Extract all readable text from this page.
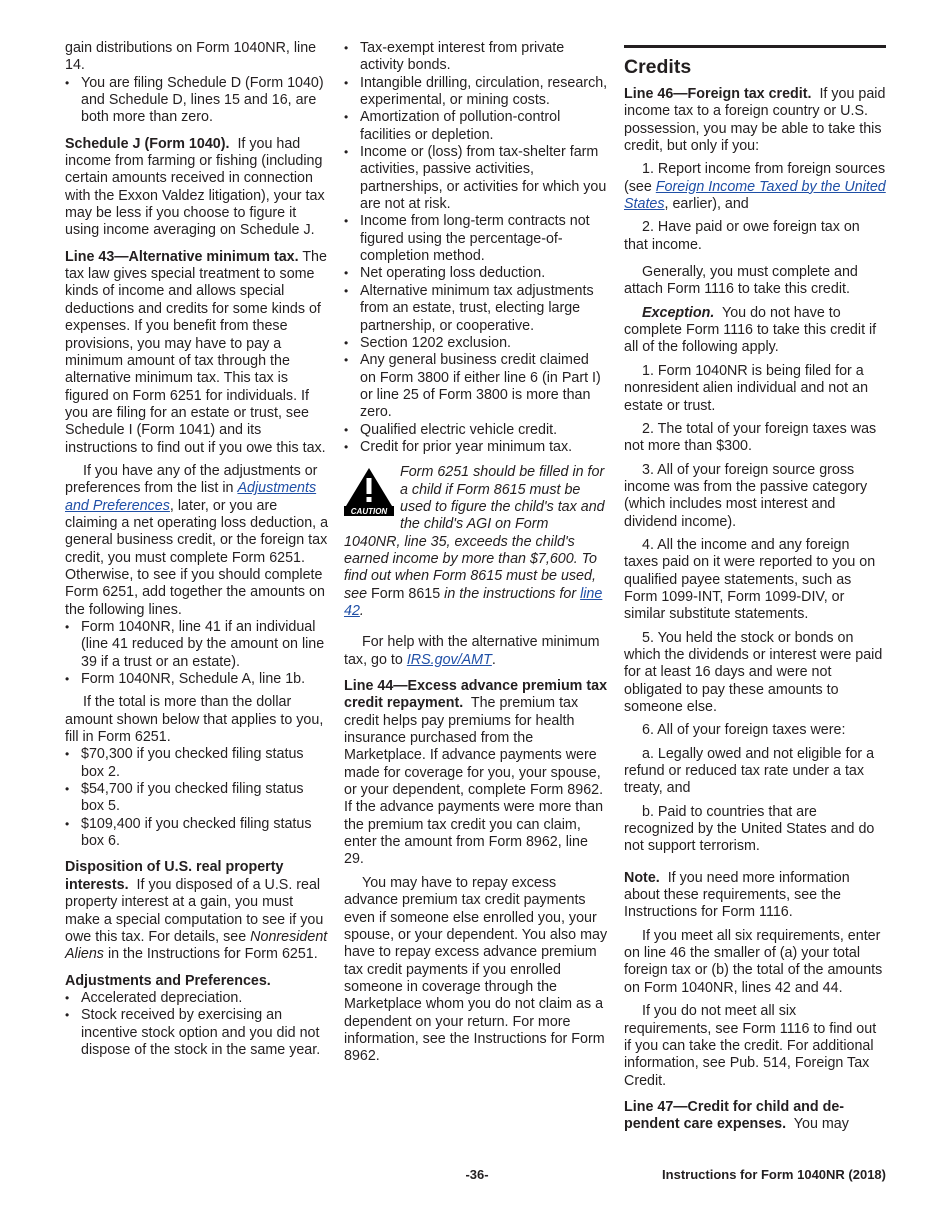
gain distributions on Form 1040NR, line 14.

• You are filing Schedule D (Form 1040) and Schedule D, lines 15 and 16, are both more than zero.

Schedule J (Form 1040). If you had income from farming or fishing (including certain amounts received in connection with the Exxon Valdez litigation), your tax may be less if you choose to figure it using income averaging on Schedule J.

Line 43—Alternative minimum tax. The tax law gives special treatment to some kinds of income and allows special deductions and credits for some kinds of expenses. If you benefit from these provisions, you may have to pay a minimum amount of tax through the alternative minimum tax. This tax is figured on Form 6251 for individuals. If you are filing for an estate or trust, see Schedule I (Form 1041) and its instructions to find out if you owe this tax.

If you have any of the adjustments or preferences from the list in Adjustments and Preferences, later, or you are claiming a net operating loss deduction, a general business credit, or the foreign tax credit, you must complete Form 6251. Otherwise, to see if you should complete Form 6251, add together the amounts on the following lines.

• Form 1040NR, line 41 if an individual (line 41 reduced by the amount on line 39 if a trust or an estate).
• Form 1040NR, Schedule A, line 1b.

If the total is more than the dollar amount shown below that applies to you, fill in Form 6251.

• $70,300 if you checked filing status box 2.
• $54,700 if you checked filing status box 5.
• $109,400 if you checked filing status box 6.

Disposition of U.S. real property interests. If you disposed of a U.S. real property interest at a gain, you must make a special computation to see if you owe this tax. For details, see Nonresident Aliens in the Instructions for Form 6251.

Adjustments and Preferences.

• Accelerated depreciation.
• Stock received by exercising an incentive stock option and you did not dispose of the stock in the same year.
• Tax-exempt interest from private activity bonds.
• Intangible drilling, circulation, research, experimental, or mining costs.
• Amortization of pollution-control facilities or depletion.
• Income or (loss) from tax-shelter farm activities, passive activities, partnerships, or activities for which you are not at risk.
• Income from long-term contracts not figured using the percentage-of-completion method.
• Net operating loss deduction.
• Alternative minimum tax adjustments from an estate, trust, electing large partnership, or cooperative.
• Section 1202 exclusion.
• Any general business credit claimed on Form 3800 if either line 6 (in Part I) or line 25 of Form 3800 is more than zero.
• Qualified electric vehicle credit.
• Credit for prior year minimum tax.
CAUTION
Form 6251 should be filled in for a child if Form 8615 must be used to figure the child's tax and the child's AGI on Form 1040NR, line 35, exceeds the child's earned income by more than $7,600. To find out when Form 8615 must be used, see Form 8615 in the instructions for line 42.

For help with the alternative minimum tax, go to IRS.gov/AMT.

Line 44—Excess advance premium tax credit repayment. The premium tax credit helps pay premiums for health insurance purchased from the Marketplace. If advance payments were made for coverage for you, your spouse, or your dependent, complete Form 8962. If the advance payments were more than the premium tax credit you can claim, enter the amount from Form 8962, line 29.

You may have to repay excess advance premium tax credit payments even if someone else enrolled you, your spouse, or your dependent. You also may have to repay excess advance premium tax credit payments if you enrolled someone in coverage through the Marketplace whom you do not claim as a dependent on your return. For more information, see the Instructions for Form 8962.

Credits

Line 46—Foreign tax credit. If you paid income tax to a foreign country or U.S. possession, you may be able to take this credit, but only if you:

1. Report income from foreign sources (see Foreign Income Taxed by the United States, earlier), and

2. Have paid or owe foreign tax on that income.

Generally, you must complete and attach Form 1116 to take this credit.

Exception. You do not have to complete Form 1116 to take this credit if all of the following apply.

1. Form 1040NR is being filed for a nonresident alien individual and not an estate or trust.

2. The total of your foreign taxes was not more than $300.

3. All of your foreign source gross income was from the passive category (which includes most interest and dividend income).

4. All the income and any foreign taxes paid on it were reported to you on qualified payee statements, such as Form 1099-INT, Form 1099-DIV, or similar substitute statements.

5. You held the stock or bonds on which the dividends or interest were paid for at least 16 days and were not obligated to pay these amounts to someone else.

6. All of your foreign taxes were:

a. Legally owed and not eligible for a refund or reduced tax rate under a tax treaty, and

b. Paid to countries that are recognized by the United States and do not support terrorism.

Note. If you need more information about these requirements, see the Instructions for Form 1116.

If you meet all six requirements, enter on line 46 the smaller of (a) your total foreign tax or (b) the total of the amounts on Form 1040NR, lines 42 and 44.

If you do not meet all six requirements, see Form 1116 to find out if you can take the credit. For additional information, see Pub. 514, Foreign Tax Credit.

Line 47—Credit for child and de-pendent care expenses. You may

-36-	Instructions for Form 1040NR (2018)
